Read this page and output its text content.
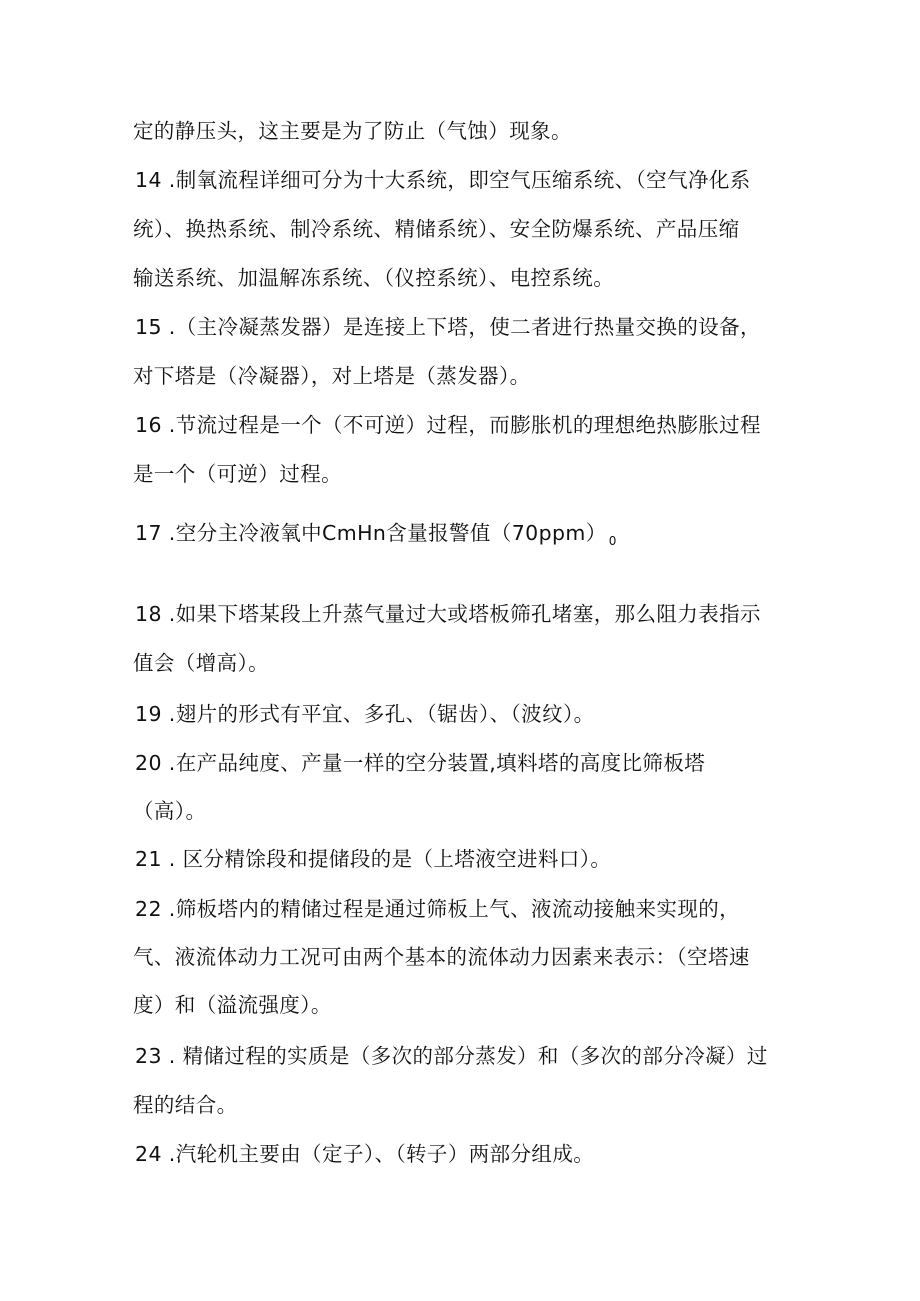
定的静压头，这主要是为了防止（气蚀）现象。
14 .制氧流程详细可分为十大系统，即空气压缩系统、（空气净化系
统）、换热系统、制冷系统、精储系统）、安全防爆系统、产品压缩
输送系统、加温解冻系统、（仪控系统）、电控系统。
15 .（主冷凝蒸发器）是连接上下塔，使二者进行热量交换的设备，
对下塔是（冷凝器），对上塔是（蒸发器）。
16 .节流过程是一个（不可逆）过程，而膨胀机的理想绝热膨胀过程
是一个（可逆）过程。
17 .空分主冷液氧中CmHn含量报警值（70ppm） $_0$
18 .如果下塔某段上升蒸气量过大或塔板筛孔堵塞，那么阻力表指示
值会（增高）。
19 .翅片的形式有平宜、多孔、（锯齿）、（波纹）。
20 .在产品纯度、产量一样的空分装置,填料塔的高度比筛板塔
（高）。
21 . 区分精馀段和提储段的是（上塔液空进料口）。
22 .筛板塔内的精储过程是通过筛板上气、液流动接触来实现的，
气、液流体动力工况可由两个基本的流体动力因素来表示：（空塔速
度）和（溢流强度）。
23 . 精储过程的实质是（多次的部分蒸发）和（多次的部分冷凝）过
程的结合。
24 .汽轮机主要由（定子）、（转子）两部分组成。
